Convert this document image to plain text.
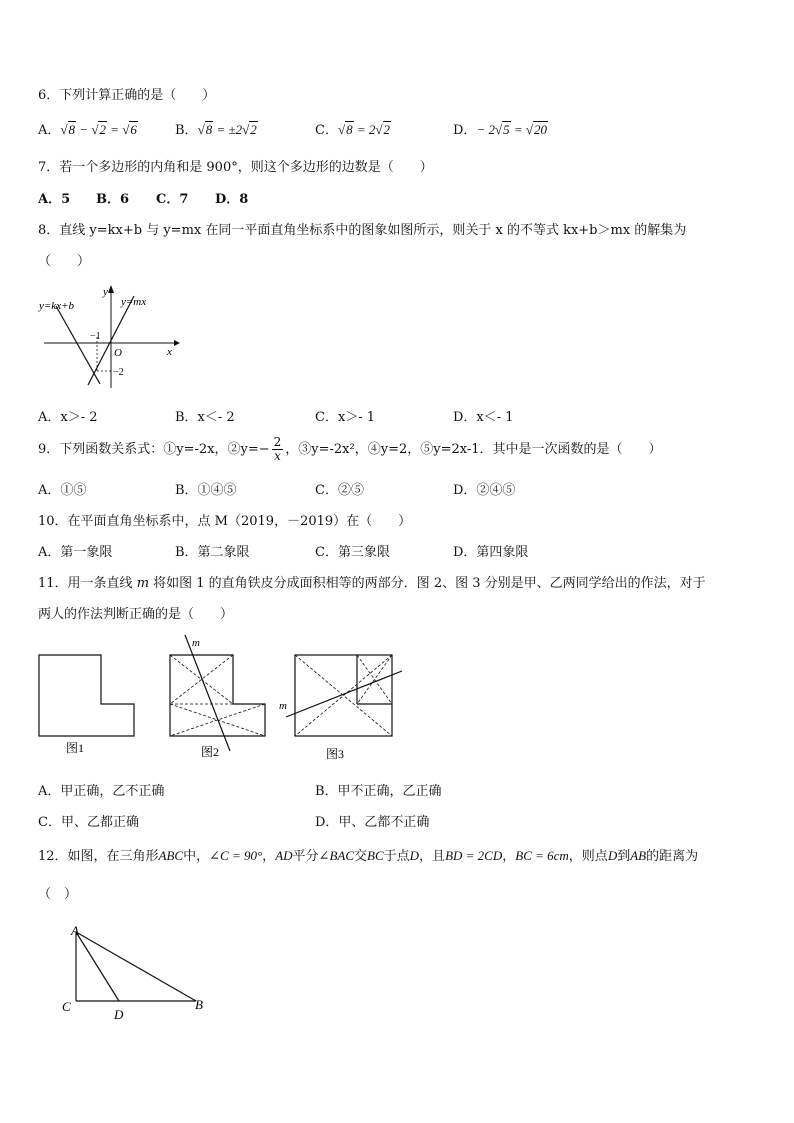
6．下列计算正确的是（　　）
A．√8 − √2 = √6	B．√8 = ±2√2	C．√8 = 2√2	D．− 2√5 = √20
7．若一个多边形的内角和是 900°，则这个多边形的边数是（　　）
A．5 B．6 C．7 D．8
8．直线 y=kx+b 与 y=mx 在同一平面直角坐标系中的图象如图所示，则关于 x 的不等式 kx+b＞mx 的解集为
（　　）
y=kx+b	y=mx
y
x
O
−1
−2
A．x＞- 2	B．x＜- 2	C．x＞- 1	D．x＜- 1
9．下列函数关系式：①y=-2x，②y=− $\frac{2}{x}$ ，③y=-2x²，④y=2，⑤y=2x-1．其中是一次函数的是（　　）
A．①⑤	B．①④⑤	C．②⑤	D．②④⑤
10．在平面直角坐标系中，点 M（2019，－2019）在（　　）
A．第一象限	B．第二象限	C．第三象限	D．第四象限
11．用一条直线 m 将如图 1 的直角铁皮分成面积相等的两部分．图 2、图 3 分别是甲、乙两同学给出的作法，对于
两人的作法判断正确的是（　　）
图1
m
图2
m
图3
A．甲正确，乙不正确	B．甲不正确，乙正确
C．甲、乙都正确	D．甲、乙都不正确
12．如图，在三角形ABC中，∠C = 90°，AD平分∠BAC交BC于点D，且BD = 2CD，BC = 6cm，则点D到AB的距离为
（　）
A
C
D
B
